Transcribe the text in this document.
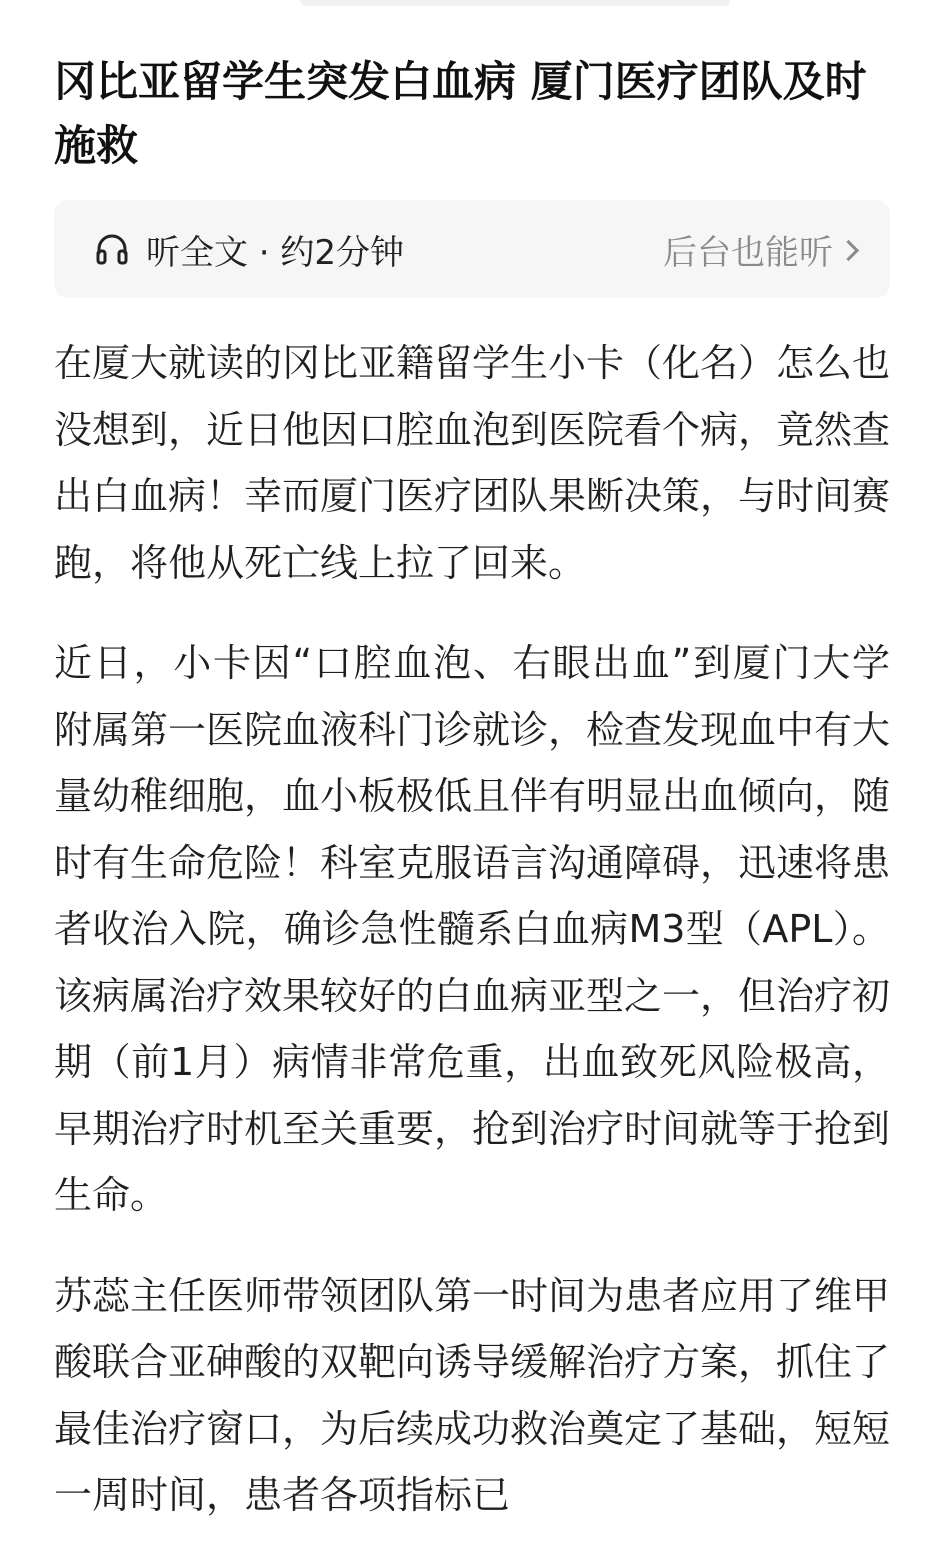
冈比亚留学生突发白血病 厦门医疗团队及时施救
听全文 · 约2分钟	后台也能听

在厦大就读的冈比亚籍留学生小卡（化名）怎么也没想到，近日他因口腔血泡到医院看个病，竟然查出白血病！幸而厦门医疗团队果断决策，与时间赛跑，将他从死亡线上拉了回来。

近日，小卡因“口腔血泡、右眼出血”到厦门大学附属第一医院血液科门诊就诊，检查发现血中有大量幼稚细胞，血小板极低且伴有明显出血倾向，随时有生命危险！科室克服语言沟通障碍，迅速将患者收治入院，确诊急性髓系白血病M3型（APL）。该病属治疗效果较好的白血病亚型之一，但治疗初期（前1月）病情非常危重，出血致死风险极高，早期治疗时机至关重要，抢到治疗时间就等于抢到生命。

苏蕊主任医师带领团队第一时间为患者应用了维甲酸联合亚砷酸的双靶向诱导缓解治疗方案，抓住了最佳治疗窗口，为后续成功救治奠定了基础，短短一周时间，患者各项指标已
